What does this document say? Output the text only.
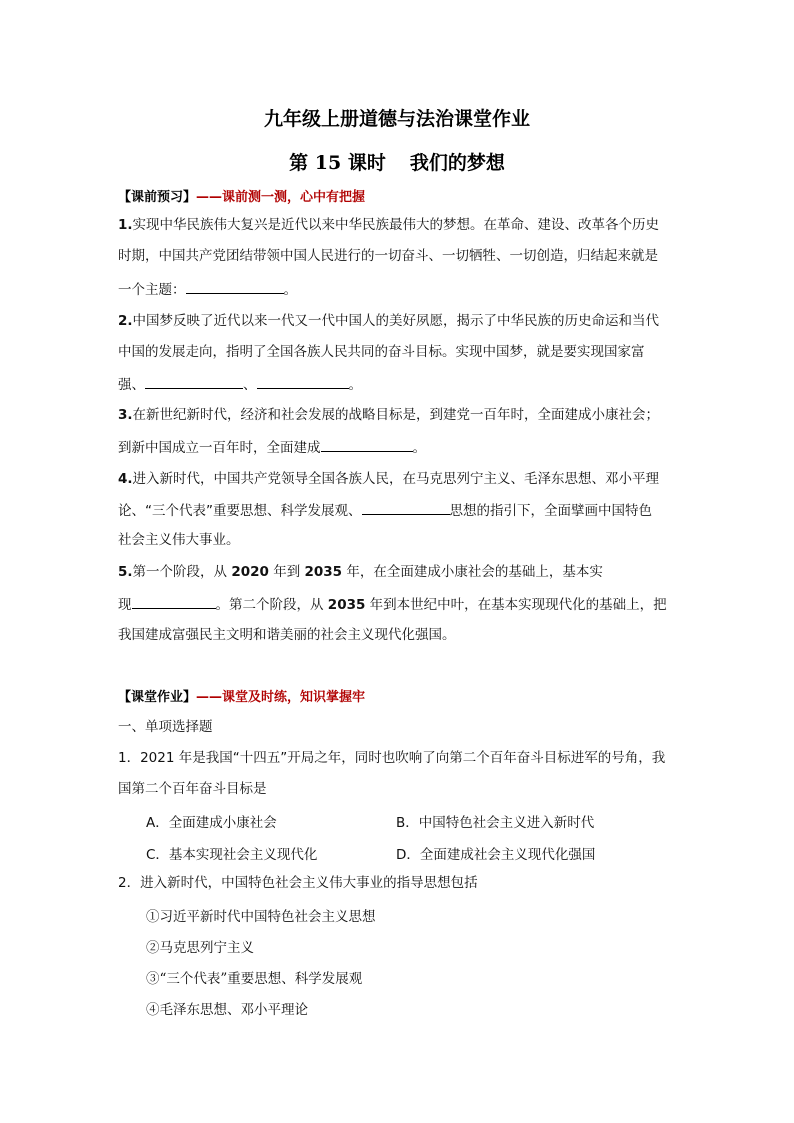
九年级上册道德与法治课堂作业
第 15 课时 我们的梦想
【课前预习】——课前测一测，心中有把握
1.实现中华民族伟大复兴是近代以来中华民族最伟大的梦想。在革命、建设、改革各个历史
时期，中国共产党团结带领中国人民进行的一切奋斗、一切牺牲、一切创造，归结起来就是
一个主题：	。
2.中国梦反映了近代以来一代又一代中国人的美好夙愿，揭示了中华民族的历史命运和当代
中国的发展走向，指明了全国各族人民共同的奋斗目标。实现中国梦，就是要实现国家富
强、	、	。
3.在新世纪新时代，经济和社会发展的战略目标是，到建党一百年时，全面建成小康社会；
到新中国成立一百年时，全面建成	。
4.进入新时代，中国共产党领导全国各族人民，在马克思列宁主义、毛泽东思想、邓小平理
论、“三个代表”重要思想、科学发展观、	思想的指引下，全面擘画中国特色
社会主义伟大事业。
5.第一个阶段，从 2020 年到 2035 年，在全面建成小康社会的基础上，基本实
现	。第二个阶段，从 2035 年到本世纪中叶，在基本实现现代化的基础上，把
我国建成富强民主文明和谐美丽的社会主义现代化强国。
【课堂作业】——课堂及时练，知识掌握牢
一、单项选择题
1．2021 年是我国“十四五”开局之年，同时也吹响了向第二个百年奋斗目标进军的号角，我
国第二个百年奋斗目标是
A．全面建成小康社会	B．中国特色社会主义进入新时代
C．基本实现社会主义现代化	D．全面建成社会主义现代化强国
2．进入新时代，中国特色社会主义伟大事业的指导思想包括
①习近平新时代中国特色社会主义思想
②马克思列宁主义
③“三个代表”重要思想、科学发展观
④毛泽东思想、邓小平理论
